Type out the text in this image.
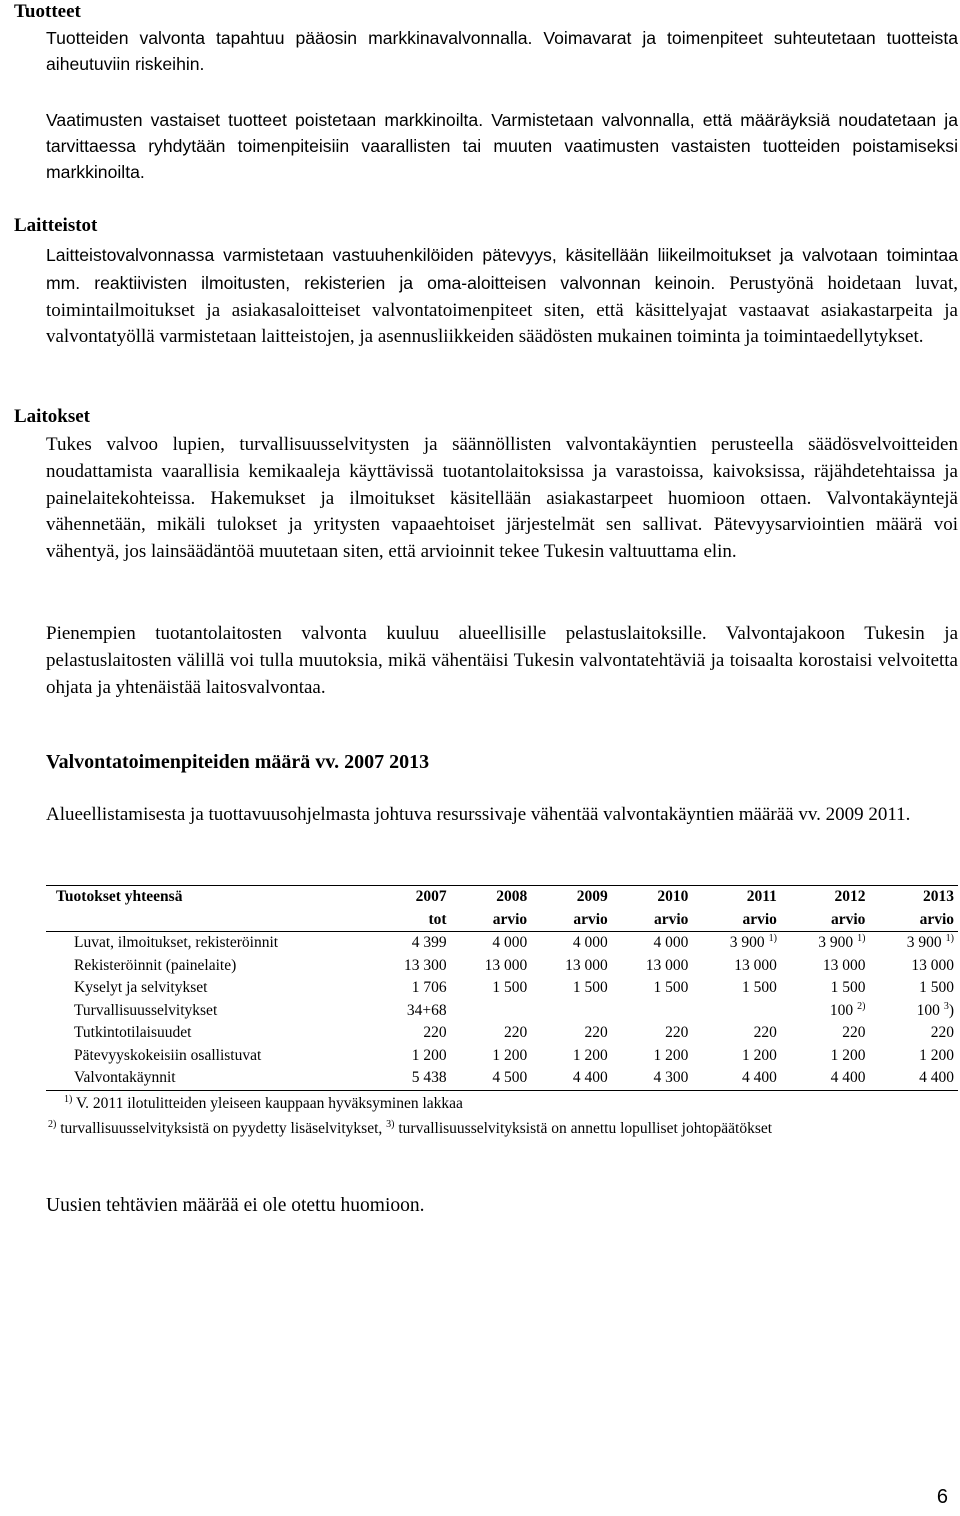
Tuotteet

Tuotteiden valvonta tapahtuu pääosin markkinavalvonnalla. Voimavarat ja toimenpiteet suhteutetaan tuotteista aiheutuviin riskeihin.

Vaatimusten vastaiset tuotteet poistetaan markkinoilta. Varmistetaan valvonnalla, että määräyksiä noudatetaan ja tarvittaessa ryhdytään toimenpiteisiin vaarallisten tai muuten vaatimusten vastaisten tuotteiden poistamiseksi markkinoilta.

Laitteistot

Laitteistovalvonnassa varmistetaan vastuuhenkilöiden pätevyys, käsitellään liikeilmoitukset ja valvotaan toimintaa mm. reaktiivisten ilmoitusten, rekisterien ja oma-aloitteisen valvonnan keinoin. Perustyönä hoidetaan luvat, toimintailmoitukset ja asiakasaloitteiset valvontatoimenpiteet siten, että käsittelyajat vastaavat asiakastarpeita ja valvontatyöllä varmistetaan laitteistojen, ja asennusliikkeiden säädösten mukainen toiminta ja toimintaedellytykset.

Laitokset

Tukes valvoo lupien, turvallisuusselvitysten ja säännöllisten valvontakäyntien perusteella säädösvelvoitteiden noudattamista vaarallisia kemikaaleja käyttävissä tuotantolaitoksissa ja varastoissa, kaivoksissa, räjähdetehtaissa ja painelaitekohteissa. Hakemukset ja ilmoitukset käsitellään asiakastarpeet huomioon ottaen. Valvontakäyntejä vähennetään, mikäli tulokset ja yritysten vapaaehtoiset järjestelmät sen sallivat. Pätevyysarviointien määrä voi vähentyä, jos lainsäädäntöä muutetaan siten, että arvioinnit tekee Tukesin valtuuttama elin.

Pienempien tuotantolaitosten valvonta kuuluu alueellisille pelastuslaitoksille. Valvontajakoon Tukesin ja pelastuslaitosten välillä voi tulla muutoksia, mikä vähentäisi Tukesin valvontatehtäviä ja toisaalta korostaisi velvoitetta ohjata ja yhtenäistää laitosvalvontaa.

Valvontatoimenpiteiden määrä vv. 2007 2013

Alueellistamisesta ja tuottavuusohjelmasta johtuva resurssivaje vähentää valvontakäyntien määrää vv. 2009 2011.

Tuotokset yhteensä	2007	2008	2009	2010	2011	2012	2013
	tot	arvio	arvio	arvio	arvio	arvio	arvio
Luvat, ilmoitukset, rekisteröinnit	4 399	4 000	4 000	4 000	3 900 $^{1)}$	3 900 $^{1)}$	3 900 $^{1)}$
Rekisteröinnit (painelaite)	13 300	13 000	13 000	13 000	13 000	13 000	13 000
Kyselyt ja selvitykset	1 706	1 500	1 500	1 500	1 500	1 500	1 500
Turvallisuusselvitykset	34+68					100 $^{2)}$	100 $^3$)
Tutkintotilaisuudet	220	220	220	220	220	220	220
Pätevyyskokeisiin osallistuvat	1 200	1 200	1 200	1 200	1 200	1 200	1 200
Valvontakäynnit	5 438	4 500	4 400	4 300	4 400	4 400	4 400

$^{1)}$ V. 2011 ilotulitteiden yleiseen kauppaan hyväksyminen lakkaa

$^{2)}$ turvallisuusselvityksistä on pyydetty lisäselvitykset, $^{3)}$ turvallisuusselvityksistä on annettu lopulliset johtopäätökset

Uusien tehtävien määrää ei ole otettu huomioon.

6
